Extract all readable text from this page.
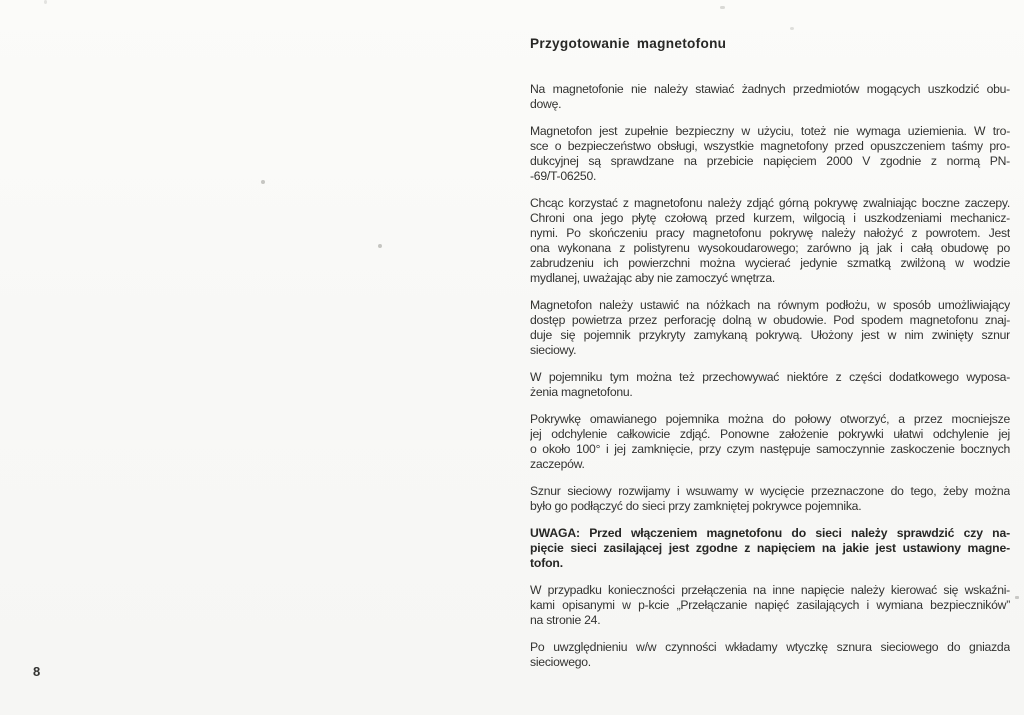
Przygotowanie magnetofonu
Na magnetofonie nie należy stawiać żadnych przedmiotów mogących uszkodzić obu-
dowę.
Magnetofon jest zupełnie bezpieczny w użyciu, toteż nie wymaga uziemienia. W tro-
sce o bezpieczeństwo obsługi, wszystkie magnetofony przed opuszczeniem taśmy pro-
dukcyjnej są sprawdzane na przebicie napięciem 2000 V zgodnie z normą PN-
-69/T-06250.
Chcąc korzystać z magnetofonu należy zdjąć górną pokrywę zwalniając boczne zaczepy.
Chroni ona jego płytę czołową przed kurzem, wilgocią i uszkodzeniami mechanicz-
nymi. Po skończeniu pracy magnetofonu pokrywę należy nałożyć z powrotem. Jest
ona wykonana z polistyrenu wysokoudarowego; zarówno ją jak i całą obudowę po
zabrudzeniu ich powierzchni można wycierać jedynie szmatką zwilżoną w wodzie
mydlanej, uważając aby nie zamoczyć wnętrza.
Magnetofon należy ustawić na nóżkach na równym podłożu, w sposób umożliwiający
dostęp powietrza przez perforację dolną w obudowie. Pod spodem magnetofonu znaj-
duje się pojemnik przykryty zamykaną pokrywą. Ułożony jest w nim zwinięty sznur
sieciowy.
W pojemniku tym można też przechowywać niektóre z części dodatkowego wyposa-
żenia magnetofonu.
Pokrywkę omawianego pojemnika można do połowy otworzyć, a przez mocniejsze
jej odchylenie całkowicie zdjąć. Ponowne założenie pokrywki ułatwi odchylenie jej
o około 100° i jej zamknięcie, przy czym następuje samoczynnie zaskoczenie bocznych
zaczepów.
Sznur sieciowy rozwijamy i wsuwamy w wycięcie przeznaczone do tego, żeby można
było go podłączyć do sieci przy zamkniętej pokrywce pojemnika.
UWAGA: Przed włączeniem magnetofonu do sieci należy sprawdzić czy na-
pięcie sieci zasilającej jest zgodne z napięciem na jakie jest ustawiony magne-
tofon.
W przypadku konieczności przełączenia na inne napięcie należy kierować się wskaźni-
kami opisanymi w p-kcie „Przełączanie napięć zasilających i wymiana bezpieczników”
na stronie 24.
Po uwzględnieniu w/w czynności wkładamy wtyczkę sznura sieciowego do gniazda
sieciowego.
8
